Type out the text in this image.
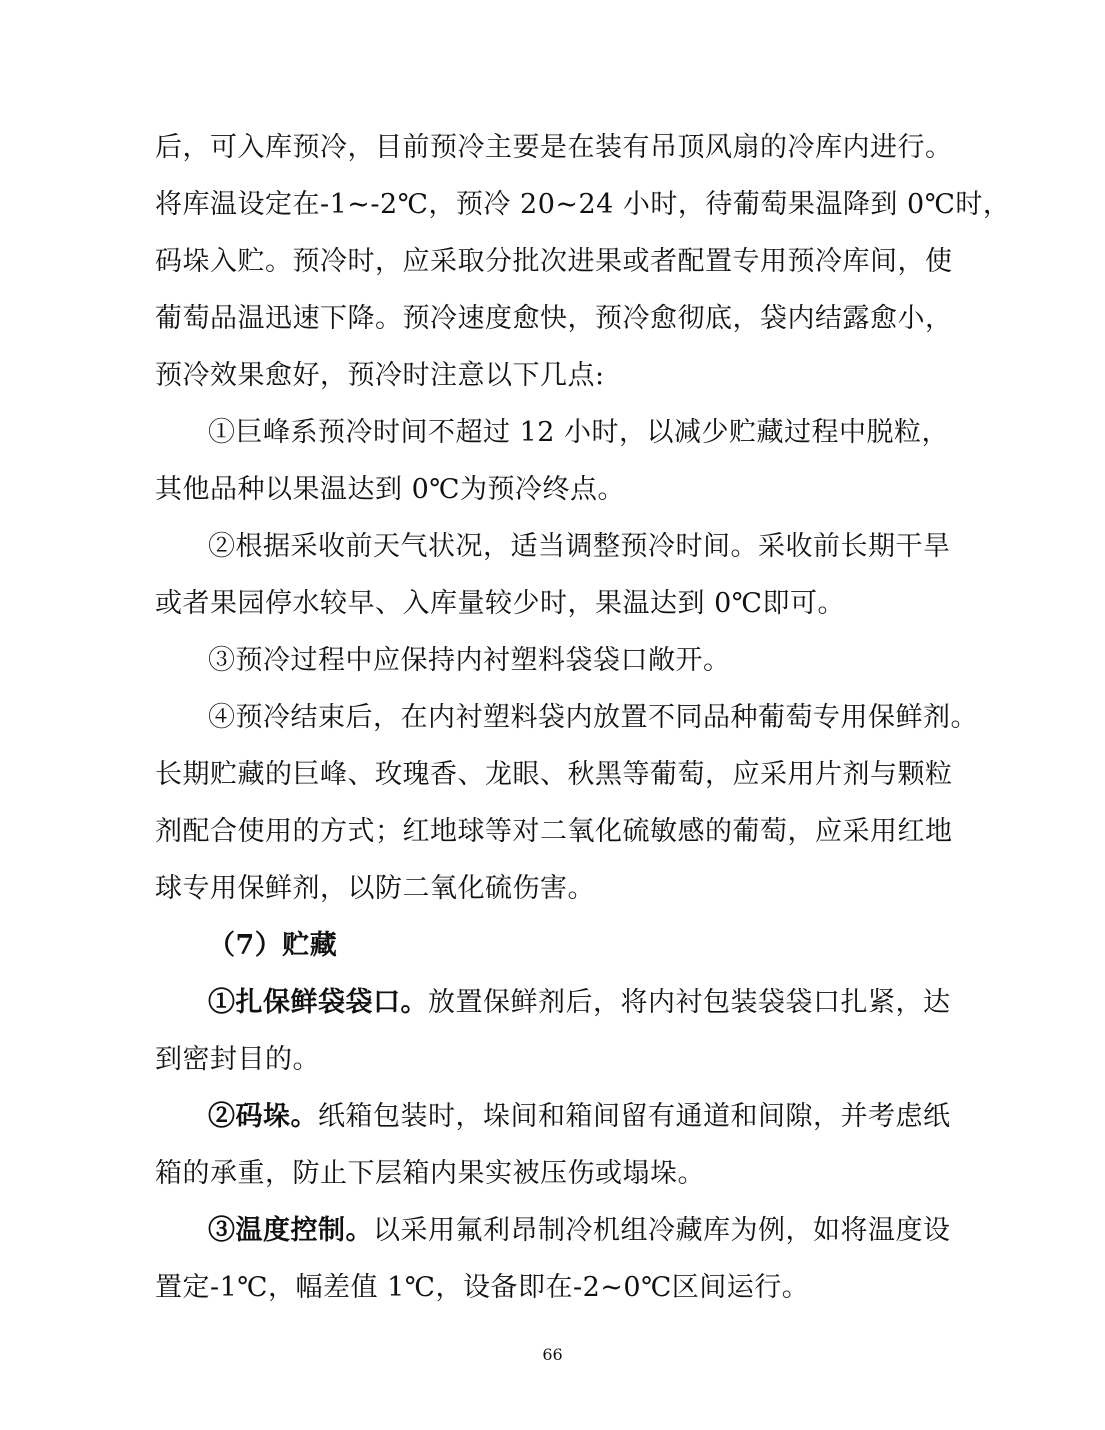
后，可入库预冷，目前预冷主要是在装有吊顶风扇的冷库内进行。
将库温设定在-1~-2℃，预冷 20~24 小时，待葡萄果温降到 0℃时，
码垛入贮。预冷时，应采取分批次进果或者配置专用预冷库间，使
葡萄品温迅速下降。预冷速度愈快，预冷愈彻底，袋内结露愈小，
预冷效果愈好，预冷时注意以下几点:
①巨峰系预冷时间不超过 12 小时，以减少贮藏过程中脱粒，
其他品种以果温达到 0℃为预冷终点。
②根据采收前天气状况，适当调整预冷时间。采收前长期干旱
或者果园停水较早、入库量较少时，果温达到 0℃即可。
③预冷过程中应保持内衬塑料袋袋口敞开。
④预冷结束后，在内衬塑料袋内放置不同品种葡萄专用保鲜剂。
长期贮藏的巨峰、玫瑰香、龙眼、秋黑等葡萄，应采用片剂与颗粒
剂配合使用的方式；红地球等对二氧化硫敏感的葡萄，应采用红地
球专用保鲜剂，以防二氧化硫伤害。
（7）贮藏
①扎保鲜袋袋口。放置保鲜剂后，将内衬包装袋袋口扎紧，达
到密封目的。
②码垛。纸箱包装时，垛间和箱间留有通道和间隙，并考虑纸
箱的承重，防止下层箱内果实被压伤或塌垛。
③温度控制。以采用氟利昂制冷机组冷藏库为例，如将温度设
置定-1℃，幅差值 1℃，设备即在-2~0℃区间运行。
66
